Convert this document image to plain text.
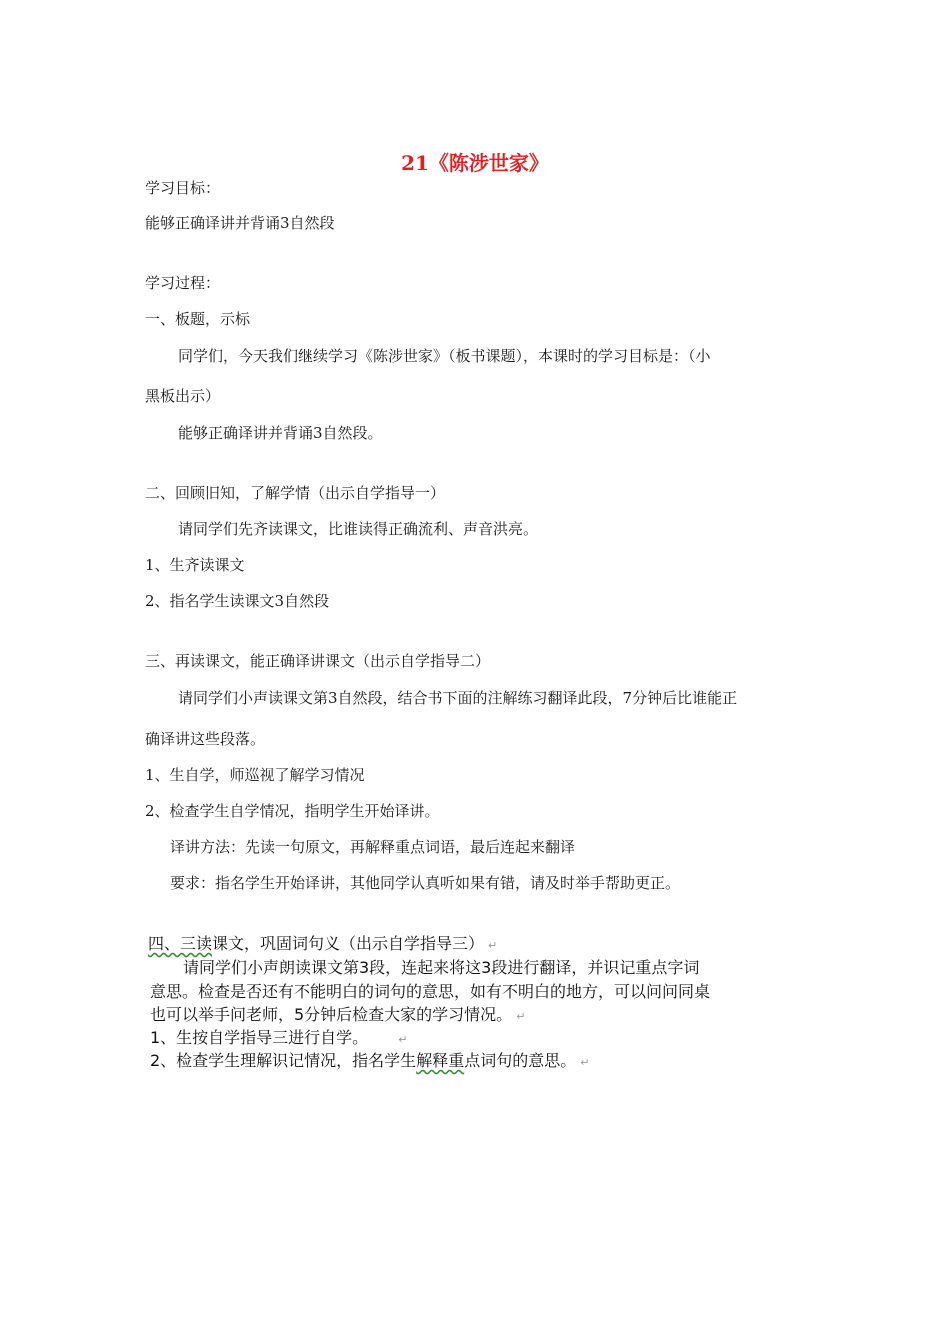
21《陈涉世家》
学习目标：
能够正确译讲并背诵3自然段
学习过程：
一、板题，示标
同学们，今天我们继续学习《陈涉世家》（板书课题），本课时的学习目标是：（小
黑板出示）
能够正确译讲并背诵3自然段。
二、回顾旧知，了解学情（出示自学指导一）
请同学们先齐读课文，比谁读得正确流利、声音洪亮。
1、生齐读课文
2、指名学生读课文3自然段
三、再读课文，能正确译讲课文（出示自学指导二）
请同学们小声读课文第3自然段，结合书下面的注解练习翻译此段，7分钟后比谁能正
确译讲这些段落。
1、生自学，师巡视了解学习情况
2、检查学生自学情况，指明学生开始译讲。
译讲方法：先读一句原文，再解释重点词语，最后连起来翻译
要求：指名学生开始译讲，其他同学认真听如果有错，请及时举手帮助更正。
四、三读课文，巩固词句义（出示自学指导三） ↵
请同学们小声朗读课文第3段，连起来将这3段进行翻译，并识记重点字词
意思。检查是否还有不能明白的词句的意思，如有不明白的地方，可以问问同桌
也可以举手问老师，5分钟后检查大家的学习情况。 ↵
1、生按自学指导三进行自学。	↵
2、检查学生理解识记情况，指名学生解释重点词句的意思。 ↵
